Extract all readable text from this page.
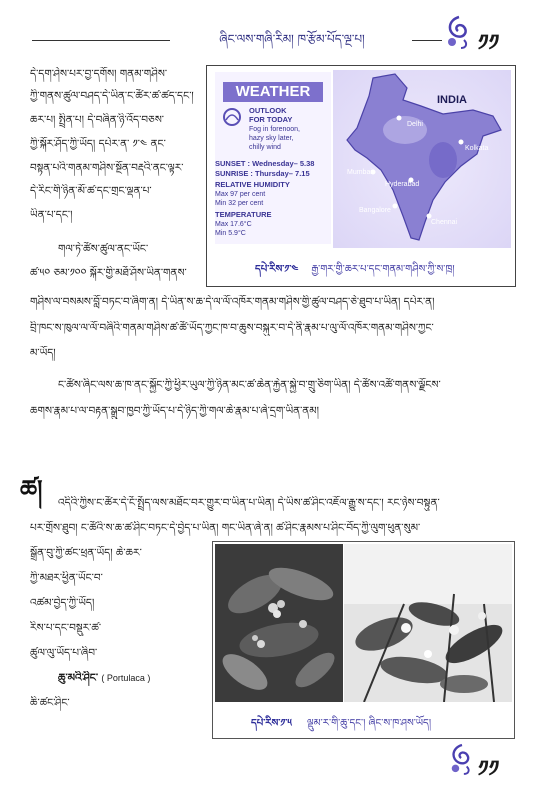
ཞིང་ལས་གཞི་རིམ། ཁ་རྩོམ་པོད་ལྔ་པ།	༡༡
དེ་དག་ཤེས་པར་བྱ་དགོས། གནམ་གཤིས་
ཀྱི་གནས་ཚུལ་བཤད་དེ་ཡིན་ང་ཚོར་ཚ་ཚད་དང་།
ཆར་པ། སྤྲིན་པ། དེ་བཞིན་ཉི་འོད་བཅས་
ཀྱི་སྐོར་ཤོད་ཀྱི་ཡོད། དཔེར་ན་ ༡་༤ ནང་
བསྟན་པའི་གནམ་གཤིས་སྔོན་བརྡའི་ནང་ལྟར་
དེ་རིང་གི་ཉིན་མོ་ཚ་དང་གྲང་ལྡན་པ་
ཡིན་པ་དང་།
གལ་ཏེ་ཚོས་ཚུལ་ནང་ཡོང་
ཚ་༥༠ ཅམ་༡༠༠ སྐོར་གྱི་མཐོ་ཤོས་ཡིན་གནས་
WEATHER
OUTLOOK
FOR TODAY
Fog in forenoon,
hazy sky later,
chilly wind
SUNSET : Wednesday– 5.38
SUNRISE : Thursday– 7.15
RELATIVE HUMIDITY
Max 97 per cent
Min 32 per cent
TEMPERATURE
Max 17.6°C
Min 5.9°C
INDIA
Delhi
Kolkata
Mumbai
Hyderabad
Bangalore
Chennai
དཔེ་རིས་༡་༤ རྒྱ་གར་གྱི་ཆར་པ་དང་གནམ་གཤིས་ཀྱི་ས་ཁྲ།
གཤིས་ལ་བསམས་བློ་བཏང་བ་ཞིག་ན། དེ་ཡིན་ས་ཆ་དེ་ལ་ལོ་འཁོར་གནམ་གཤིས་གྱི་ཚུལ་བཤད་ཅེ་ཐུབ་པ་ཡིན། དཔེར་ན།
བྲི་ཁང་ས་ཁུལ་ལ་ལོ་བཞིའི་གནམ་གཤིས་ཚ་ཚོ་ཡོད་ཀྱང་ཁ་བ་ཆུས་བསྐུར་བ་དེ་ནི་རྣམ་པ་ལུ་ལོ་འཁོར་གནམ་གཤིས་ཀྱང་
མ་ཡོད།
ང་ཚོས་ཞིང་ལས་ཆ་ཁ་ནང་སྐྱོང་ཀྱི་ཕྱིར་ཡུལ་ཀྱི་ཉིན་མང་ཚ་ཆེན་རྐྱེན་སྐྱེ་བ་གྲུ་ཅིག་ཡིན། དེ་ཚོས་འཚོ་གནས་ལྗོངས་
ཆགས་རྣམ་པ་ལ་བརྟན་སྒྲུབ་ཁྱབ་ཀྱི་ཡོད་པ་དེ་ཉིད་ཀྱི་གལ་ཆེ་རྣམ་པ་ཞེ་དྲག་ཡིན་ནམ།
ཚ། འདིའི་ཀྱིས་ང་ཚོར་དེ་ངོ་སྤྲོད་ལས་མཐོང་བར་གྱུར་བ་ཡིན་པ་ཡིན། དེ་ཡིས་ཚ་ཤིང་འཇོལ་རྒྱུ་ས་དང་། རང་ཉེས་བསྟུན་
པར་གྲོས་ཐུབ། ང་ཚོའི་ས་ཆ་ཚ་ཤིང་བཏང་དེ་བྱེད་པ་ཡིན། གང་ཡིན་ཞེ་ན། ཚ་ཤིང་རྣམས་པ་ཤིང་བོད་ཀྱི་ལུག་ཕུན་སུམ་
སྒྲོན་བུ་ཀྱི་ཚང་ཕྲན་ཡོད། ཆེ་ཆར་
ཀྱི་མཐར་ཕྱིན་ཡོང་བ་
འཚམ་བྱེད་ཀྱི་ཡོད།
རིས་པ་དང་བསྡུར་ཚ་
ཚུལ་ལུ་ཡོད་པ་ཞིབ་
ཆུ་མའི་ཤིང་ ( Portulaca )
ཆི་ཚང་ཤིང་
དཔེ་རིས་༡་༥ ལྡུམ་ར་གི་ཆུ་དང་། ཞིང་ས་ཁ་ཤས་ཡོད།
༡༡
